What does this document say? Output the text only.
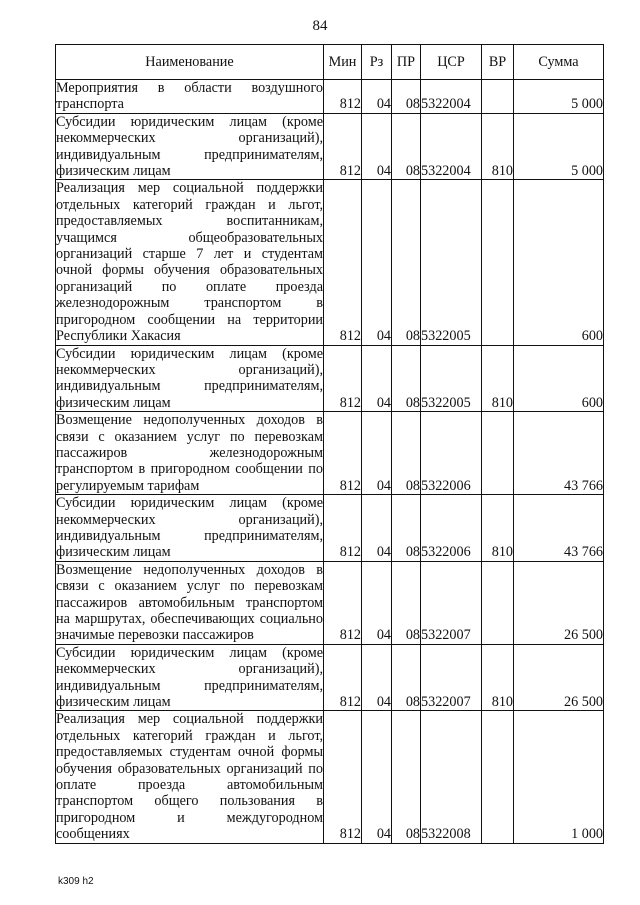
84
Наименование	Мин	Рз	ПР	ЦСР	ВР	Сумма
Мероприятия в области воздушного транспорта	812	04	08	5322004		5 000
Субсидии юридическим лицам (кроме некоммерческих организаций), индивидуальным предпринимателям, физическим лицам	812	04	08	5322004	810	5 000
Реализация мер социальной поддержки отдельных категорий граждан и льгот, предоставляемых воспитанникам, учащимся общеобразовательных организаций старше 7 лет и студентам очной формы обучения образовательных организаций по оплате проезда железнодорожным транспортом в пригородном сообщении на территории Республики Хакасия	812	04	08	5322005		600
Субсидии юридическим лицам (кроме некоммерческих организаций), индивидуальным предпринимателям, физическим лицам	812	04	08	5322005	810	600
Возмещение недополученных доходов в связи с оказанием услуг по перевозкам пассажиров железнодорожным транспортом в пригородном сообщении по регулируемым тарифам	812	04	08	5322006		43 766
Субсидии юридическим лицам (кроме некоммерческих организаций), индивидуальным предпринимателям, физическим лицам	812	04	08	5322006	810	43 766
Возмещение недополученных доходов в связи с оказанием услуг по перевозкам пассажиров автомобильным транспортом на маршрутах, обеспечивающих социально значимые перевозки пассажиров	812	04	08	5322007		26 500
Субсидии юридическим лицам (кроме некоммерческих организаций), индивидуальным предпринимателям, физическим лицам	812	04	08	5322007	810	26 500
Реализация мер социальной поддержки отдельных категорий граждан и льгот, предоставляемых студентам очной формы обучения образовательных организаций по оплате проезда автомобильным транспортом общего пользования в пригородном и междугородном сообщениях	812	04	08	5322008		1 000
k309 h2
